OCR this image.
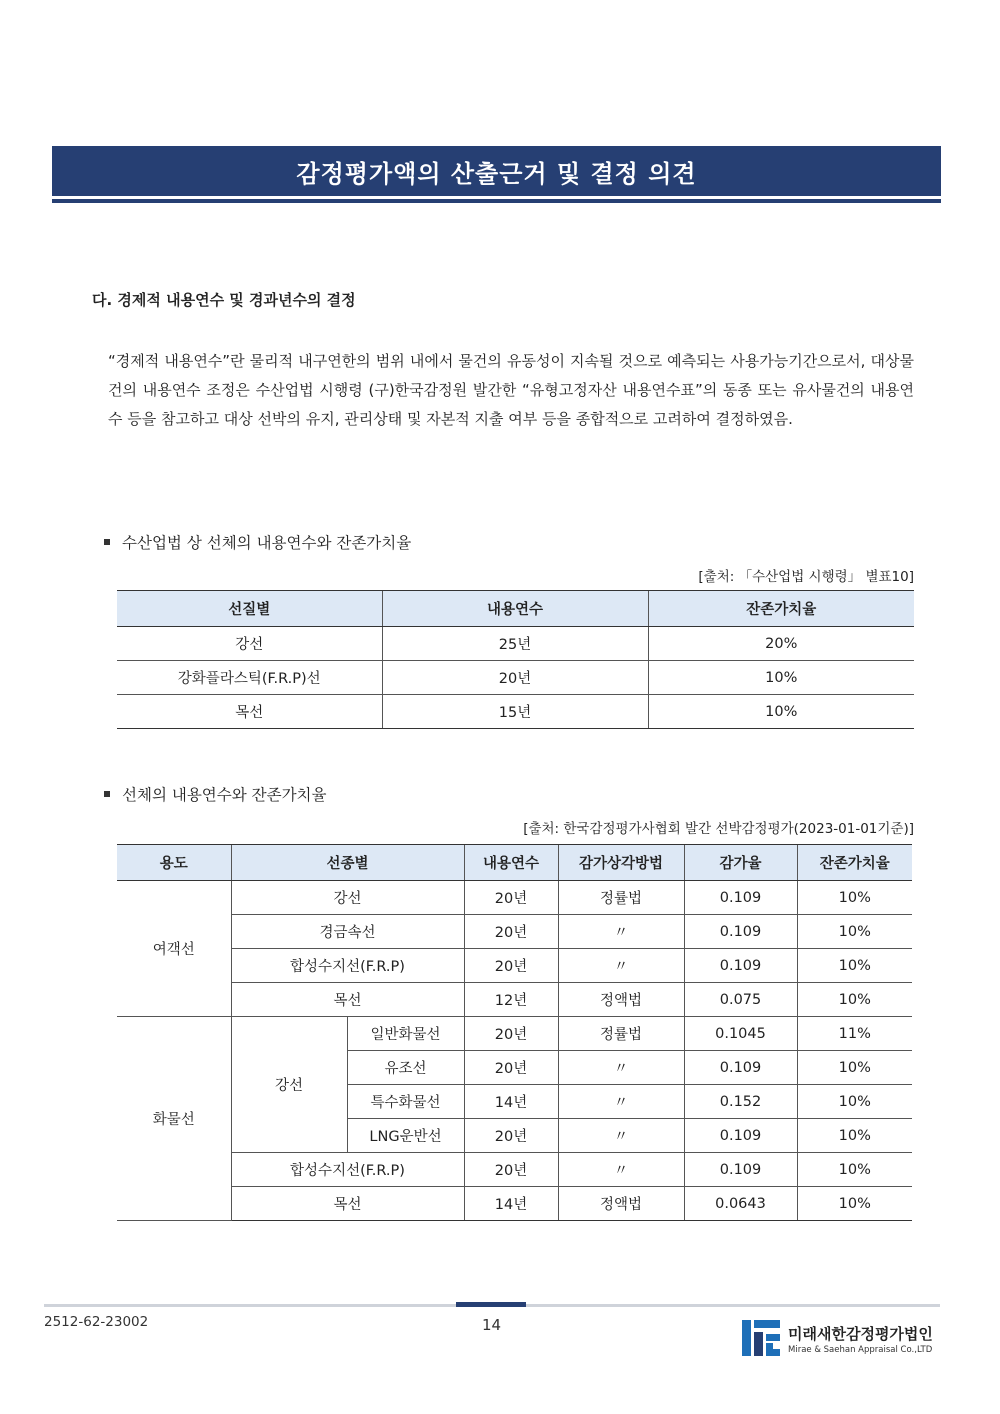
감정평가액의 산출근거 및 결정 의견
다. 경제적 내용연수 및 경과년수의 결정
“경제적 내용연수”란 물리적 내구연한의 범위 내에서 물건의 유동성이 지속될 것으로 예측되는 사용가능기간으로서, 대상물건의 내용연수 조정은 수산업법 시행령 (구)한국감정원 발간한 “유형고정자산 내용연수표”의 동종 또는 유사물건의 내용연수 등을 참고하고 대상 선박의 유지, 관리상태 및 자본적 지출 여부 등을 종합적으로 고려하여 결정하였음.
수산업법 상 선체의 내용연수와 잔존가치율
[출처: 「수산업법 시행령」 별표10]
선질별	내용연수	잔존가치율
강선	25년	20%
강화플라스틱(F.R.P)선	20년	10%
목선	15년	10%
선체의 내용연수와 잔존가치율
[출처: 한국감정평가사협회 발간 선박감정평가(2023-01-01기준)]
용도	선종별		내용연수	감가상각방법	감가율	잔존가치율
여객선	강선		20년	정률법	0.109	10%
	경금속선		20년	〃	0.109	10%
	합성수지선(F.R.P)		20년	〃	0.109	10%
	목선		12년	정액법	0.075	10%
화물선	강선	일반화물선	20년	정률법	0.1045	11%
		유조선	20년	〃	0.109	10%
		특수화물선	14년	〃	0.152	10%
		LNG운반선	20년	〃	0.109	10%
	합성수지선(F.R.P)		20년	〃	0.109	10%
	목선		14년	정액법	0.0643	10%
2512-62-23002	14	미래새한감정평가법인
Mirae & Saehan Appraisal Co.,LTD
